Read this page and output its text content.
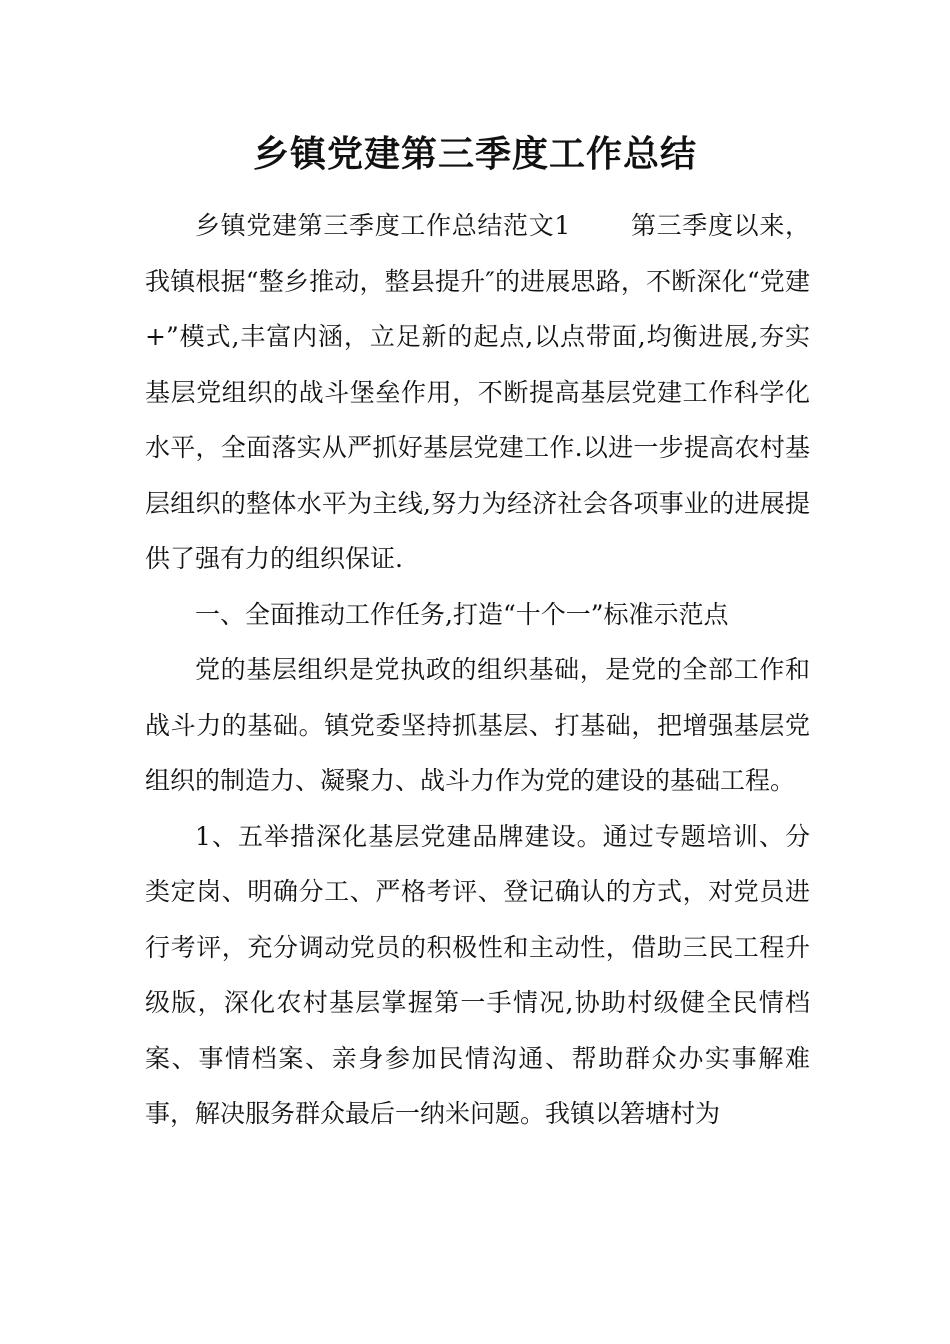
乡镇党建第三季度工作总结

乡镇党建第三季度工作总结范文1 第三季度以来，我镇根据“整乡推动，整县提升″的进展思路，不断深化“党建+”模式,丰富内涵，立足新的起点,以点带面,均衡进展,夯实基层党组织的战斗堡垒作用，不断提高基层党建工作科学化水平，全面落实从严抓好基层党建工作.以进一步提高农村基层组织的整体水平为主线,努力为经济社会各项事业的进展提供了强有力的组织保证.

一、全面推动工作任务,打造“十个一”标准示范点

党的基层组织是党执政的组织基础，是党的全部工作和战斗力的基础。镇党委坚持抓基层、打基础，把增强基层党组织的制造力、凝聚力、战斗力作为党的建设的基础工程。

1、五举措深化基层党建品牌建设。通过专题培训、分类定岗、明确分工、严格考评、登记确认的方式，对党员进行考评，充分调动党员的积极性和主动性，借助三民工程升级版，深化农村基层掌握第一手情况,协助村级健全民情档案、事情档案、亲身参加民情沟通、帮助群众办实事解难事，解决服务群众最后一纳米问题。我镇以箬塘村为
